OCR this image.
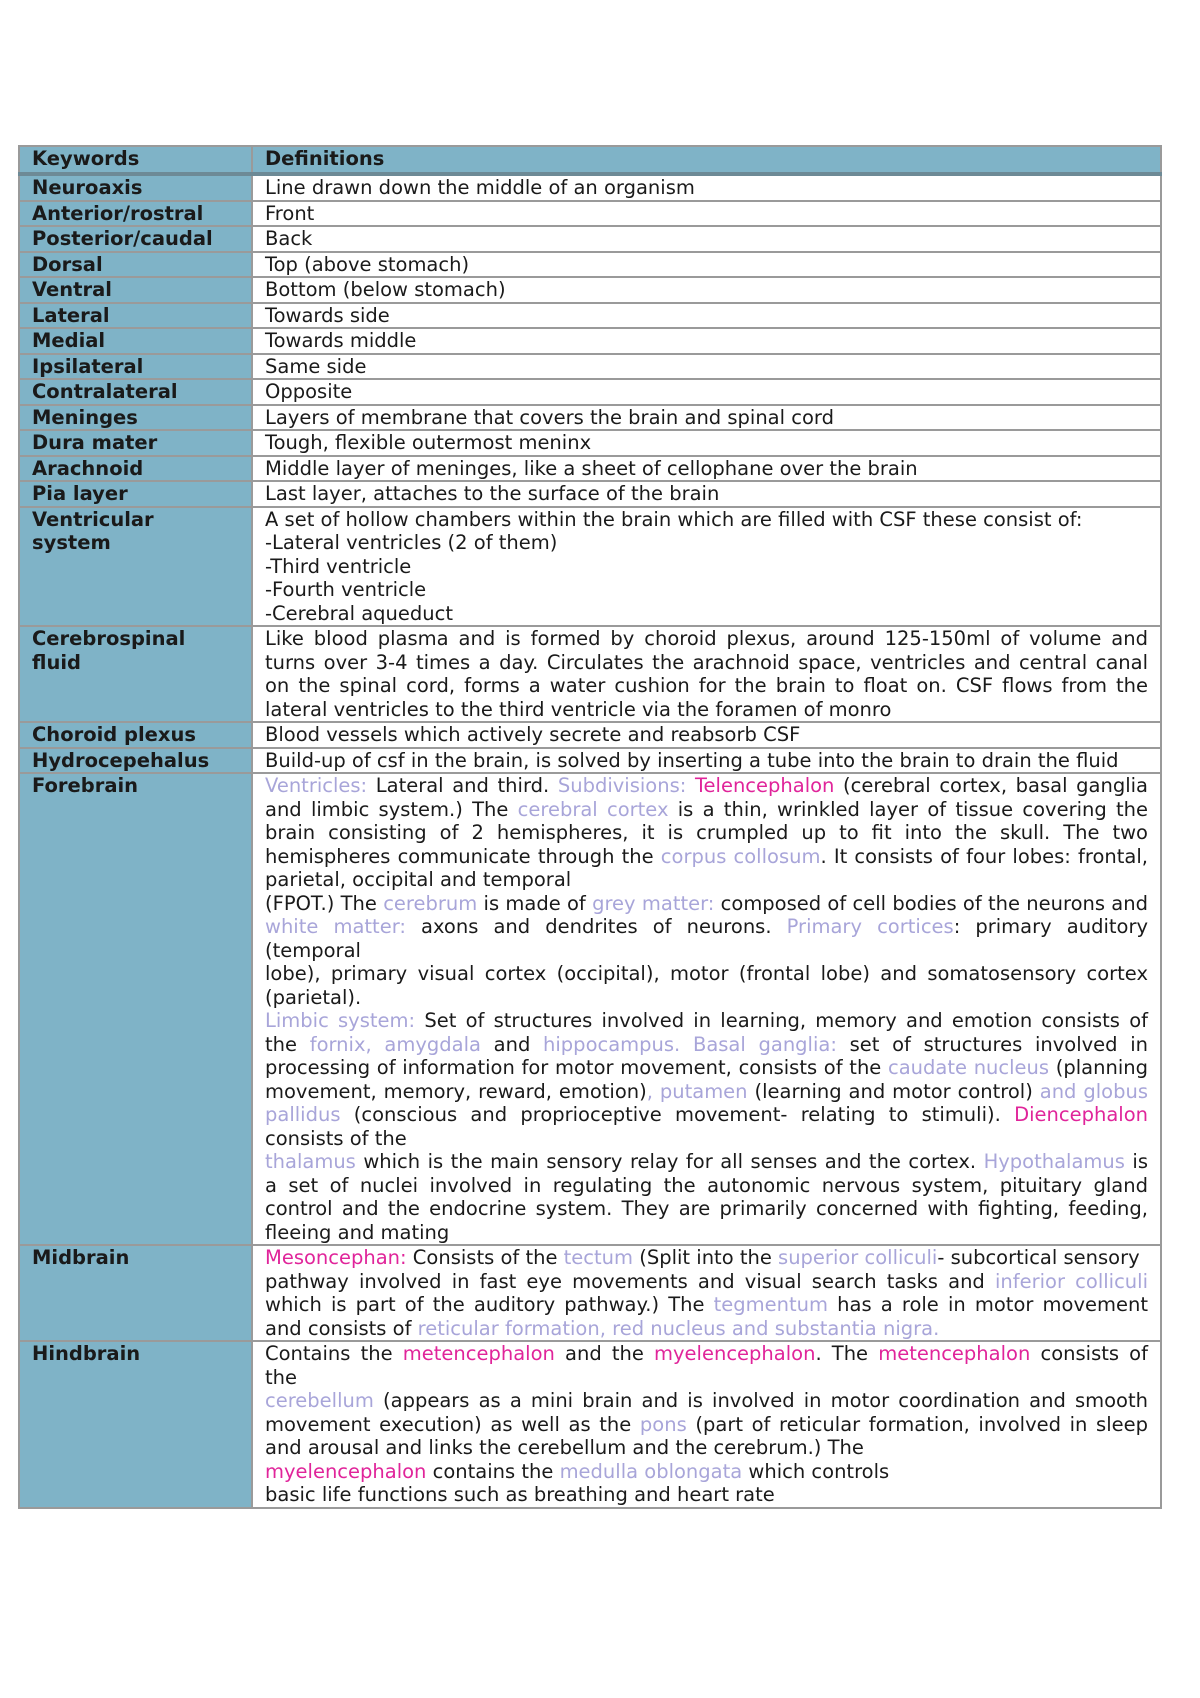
Keywords	Definitions
Neuroaxis	Line drawn down the middle of an organism
Anterior/rostral	Front
Posterior/caudal	Back
Dorsal	Top (above stomach)
Ventral	Bottom (below stomach)
Lateral	Towards side
Medial	Towards middle
Ipsilateral	Same side
Contralateral	Opposite
Meninges	Layers of membrane that covers the brain and spinal cord
Dura mater	Tough, flexible outermost meninx
Arachnoid	Middle layer of meninges, like a sheet of cellophane over the brain
Pia layer	Last layer, attaches to the surface of the brain
Ventricular system	A set of hollow chambers within the brain which are filled with CSF these consist of:
-Lateral ventricles (2 of them)
-Third ventricle
-Fourth ventricle
-Cerebral aqueduct

Cerebrospinal fluid	Like blood plasma and is formed by choroid plexus, around 125-150ml of volume and turns over 3-4 times a day. Circulates the arachnoid space, ventricles and central canal on the spinal cord, forms a water cushion for the brain to float on. CSF flows from the lateral ventricles to the third ventricle via the foramen of monro
Choroid plexus	Blood vessels which actively secrete and reabsorb CSF
Hydrocepehalus	Build-up of csf in the brain, is solved by inserting a tube into the brain to drain the fluid
Forebrain	Ventricles: Lateral and third. Subdivisions: Telencephalon (cerebral cortex, basal ganglia and limbic system.) The cerebral cortex is a thin, wrinkled layer of tissue covering the brain consisting of 2 hemispheres, it is crumpled up to fit into the skull. The two hemispheres communicate through the corpus collosum. It consists of four lobes: frontal, parietal, occipital and temporal
(FPOT.) The cerebrum is made of grey matter: composed of cell bodies of the neurons and white matter: axons and dendrites of neurons. Primary cortices: primary auditory (temporal
lobe), primary visual cortex (occipital), motor (frontal lobe) and somatosensory cortex (parietal).
Limbic system: Set of structures involved in learning, memory and emotion consists of the fornix, amygdala and hippocampus. Basal ganglia: set of structures involved in processing of information for motor movement, consists of the caudate nucleus (planning movement, memory, reward, emotion), putamen (learning and motor control) and globus pallidus (conscious and proprioceptive movement- relating to stimuli). Diencephalon consists of the
thalamus which is the main sensory relay for all senses and the cortex. Hypothalamus is a set of nuclei involved in regulating the autonomic nervous system, pituitary gland control and the endocrine system. They are primarily concerned with fighting, feeding, fleeing and mating

Midbrain	Mesoncephan: Consists of the tectum (Split into the superior colliculi- subcortical sensory
pathway involved in fast eye movements and visual search tasks and inferior colliculi which is part of the auditory pathway.) The tegmentum has a role in motor movement and consists of reticular formation, red nucleus and substantia nigra.

Hindbrain	Contains the metencephalon and the myelencephalon. The metencephalon consists of the
cerebellum (appears as a mini brain and is involved in motor coordination and smooth movement execution) as well as the pons (part of reticular formation, involved in sleep and arousal and links the cerebellum and the cerebrum.) The
myelencephalon contains the medulla oblongata which controls
basic life functions such as breathing and heart rate
